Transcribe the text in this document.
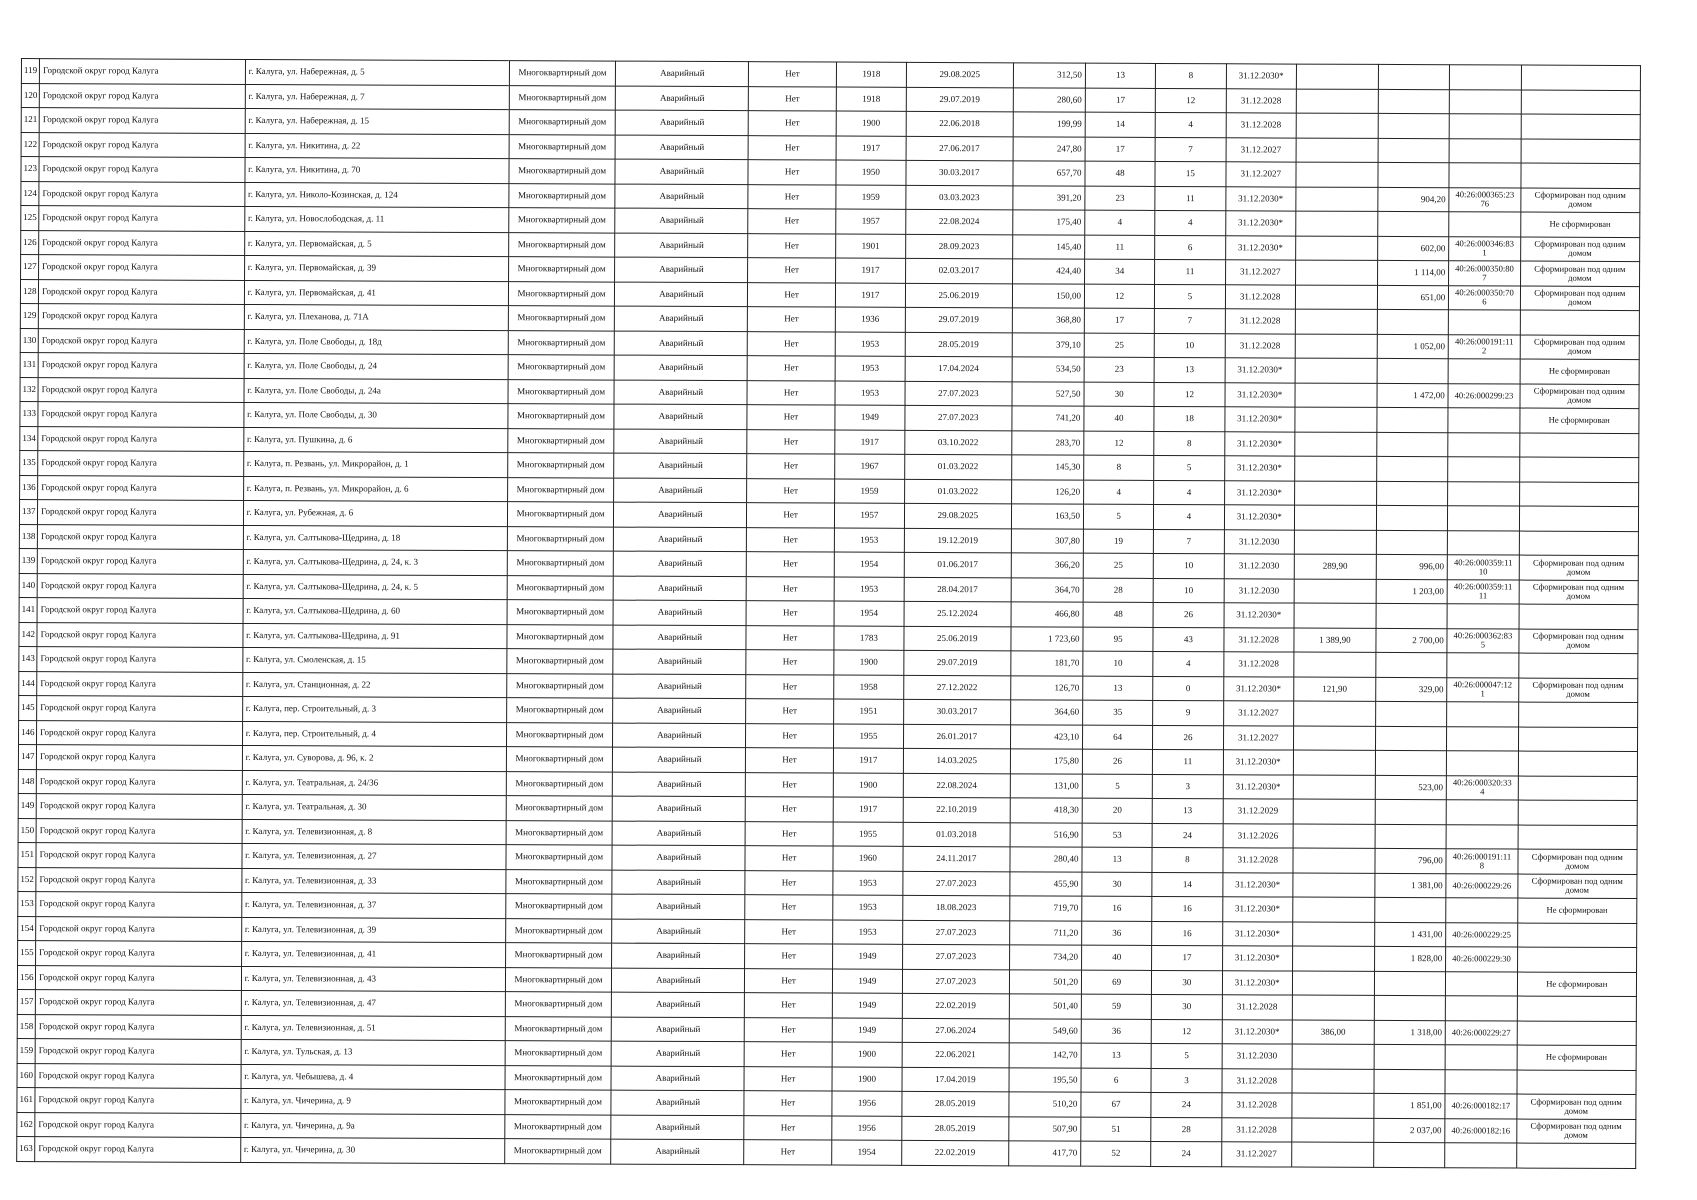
119	Городской округ город Калуга	г. Калуга, ул. Набережная, д. 5	Многоквартирный дом	Аварийный	Нет	1918	29.08.2025	312,50	13	8	31.12.2030*				
120	Городской округ город Калуга	г. Калуга, ул. Набережная, д. 7	Многоквартирный дом	Аварийный	Нет	1918	29.07.2019	280,60	17	12	31.12.2028				
121	Городской округ город Калуга	г. Калуга, ул. Набережная, д. 15	Многоквартирный дом	Аварийный	Нет	1900	22.06.2018	199,99	14	4	31.12.2028				
122	Городской округ город Калуга	г. Калуга, ул. Никитина, д. 22	Многоквартирный дом	Аварийный	Нет	1917	27.06.2017	247,80	17	7	31.12.2027				
123	Городской округ город Калуга	г. Калуга, ул. Никитина, д. 70	Многоквартирный дом	Аварийный	Нет	1950	30.03.2017	657,70	48	15	31.12.2027				
124	Городской округ город Калуга	г. Калуга, ул. Николо-Козинская, д. 124	Многоквартирный дом	Аварийный	Нет	1959	03.03.2023	391,20	23	11	31.12.2030*		904,20	40:26:000365:23 76	Сформирован под одним домом
125	Городской округ город Калуга	г. Калуга, ул. Новослободская, д. 11	Многоквартирный дом	Аварийный	Нет	1957	22.08.2024	175,40	4	4	31.12.2030*				Не сформирован
126	Городской округ город Калуга	г. Калуга, ул. Первомайская, д. 5	Многоквартирный дом	Аварийный	Нет	1901	28.09.2023	145,40	11	6	31.12.2030*		602,00	40:26:000346:83 1	Сформирован под одним домом
127	Городской округ город Калуга	г. Калуга, ул. Первомайская, д. 39	Многоквартирный дом	Аварийный	Нет	1917	02.03.2017	424,40	34	11	31.12.2027		1 114,00	40:26:000350:80 7	Сформирован под одним домом
128	Городской округ город Калуга	г. Калуга, ул. Первомайская, д. 41	Многоквартирный дом	Аварийный	Нет	1917	25.06.2019	150,00	12	5	31.12.2028		651,00	40:26:000350:70 6	Сформирован под одним домом
129	Городской округ город Калуга	г. Калуга, ул. Плеханова, д. 71А	Многоквартирный дом	Аварийный	Нет	1936	29.07.2019	368,80	17	7	31.12.2028				
130	Городской округ город Калуга	г. Калуга, ул. Поле Свободы, д. 18д	Многоквартирный дом	Аварийный	Нет	1953	28.05.2019	379,10	25	10	31.12.2028		1 052,00	40:26:000191:11 2	Сформирован под одним домом
131	Городской округ город Калуга	г. Калуга, ул. Поле Свободы, д. 24	Многоквартирный дом	Аварийный	Нет	1953	17.04.2024	534,50	23	13	31.12.2030*				Не сформирован
132	Городской округ город Калуга	г. Калуга, ул. Поле Свободы, д. 24а	Многоквартирный дом	Аварийный	Нет	1953	27.07.2023	527,50	30	12	31.12.2030*		1 472,00	40:26:000299:23	Сформирован под одним домом
133	Городской округ город Калуга	г. Калуга, ул. Поле Свободы, д. 30	Многоквартирный дом	Аварийный	Нет	1949	27.07.2023	741,20	40	18	31.12.2030*				Не сформирован
134	Городской округ город Калуга	г. Калуга, ул. Пушкина, д. 6	Многоквартирный дом	Аварийный	Нет	1917	03.10.2022	283,70	12	8	31.12.2030*				
135	Городской округ город Калуга	г. Калуга, п. Резвань, ул. Микрорайон, д. 1	Многоквартирный дом	Аварийный	Нет	1967	01.03.2022	145,30	8	5	31.12.2030*				
136	Городской округ город Калуга	г. Калуга, п. Резвань, ул. Микрорайон, д. 6	Многоквартирный дом	Аварийный	Нет	1959	01.03.2022	126,20	4	4	31.12.2030*				
137	Городской округ город Калуга	г. Калуга, ул. Рубежная, д. 6	Многоквартирный дом	Аварийный	Нет	1957	29.08.2025	163,50	5	4	31.12.2030*				
138	Городской округ город Калуга	г. Калуга, ул. Салтыкова-Щедрина, д. 18	Многоквартирный дом	Аварийный	Нет	1953	19.12.2019	307,80	19	7	31.12.2030				
139	Городской округ город Калуга	г. Калуга, ул. Салтыкова-Щедрина, д. 24, к. 3	Многоквартирный дом	Аварийный	Нет	1954	01.06.2017	366,20	25	10	31.12.2030	289,90	996,00	40:26:000359:11 10	Сформирован под одним домом
140	Городской округ город Калуга	г. Калуга, ул. Салтыкова-Щедрина, д. 24, к. 5	Многоквартирный дом	Аварийный	Нет	1953	28.04.2017	364,70	28	10	31.12.2030		1 203,00	40:26:000359:11 11	Сформирован под одним домом
141	Городской округ город Калуга	г. Калуга, ул. Салтыкова-Щедрина, д. 60	Многоквартирный дом	Аварийный	Нет	1954	25.12.2024	466,80	48	26	31.12.2030*				
142	Городской округ город Калуга	г. Калуга, ул. Салтыкова-Щедрина, д. 91	Многоквартирный дом	Аварийный	Нет	1783	25.06.2019	1 723,60	95	43	31.12.2028	1 389,90	2 700,00	40:26:000362:83 5	Сформирован под одним домом
143	Городской округ город Калуга	г. Калуга, ул. Смоленская, д. 15	Многоквартирный дом	Аварийный	Нет	1900	29.07.2019	181,70	10	4	31.12.2028				
144	Городской округ город Калуга	г. Калуга, ул. Станционная, д. 22	Многоквартирный дом	Аварийный	Нет	1958	27.12.2022	126,70	13	0	31.12.2030*	121,90	329,00	40:26:000047:12 1	Сформирован под одним домом
145	Городской округ город Калуга	г. Калуга, пер. Строительный, д. 3	Многоквартирный дом	Аварийный	Нет	1951	30.03.2017	364,60	35	9	31.12.2027				
146	Городской округ город Калуга	г. Калуга, пер. Строительный, д. 4	Многоквартирный дом	Аварийный	Нет	1955	26.01.2017	423,10	64	26	31.12.2027				
147	Городской округ город Калуга	г. Калуга, ул. Суворова, д. 96, к. 2	Многоквартирный дом	Аварийный	Нет	1917	14.03.2025	175,80	26	11	31.12.2030*				
148	Городской округ город Калуга	г. Калуга, ул. Театральная, д. 24/36	Многоквартирный дом	Аварийный	Нет	1900	22.08.2024	131,00	5	3	31.12.2030*		523,00	40:26:000320:33 4	
149	Городской округ город Калуга	г. Калуга, ул. Театральная, д. 30	Многоквартирный дом	Аварийный	Нет	1917	22.10.2019	418,30	20	13	31.12.2029				
150	Городской округ город Калуга	г. Калуга, ул. Телевизионная, д. 8	Многоквартирный дом	Аварийный	Нет	1955	01.03.2018	516,90	53	24	31.12.2026				
151	Городской округ город Калуга	г. Калуга, ул. Телевизионная, д. 27	Многоквартирный дом	Аварийный	Нет	1960	24.11.2017	280,40	13	8	31.12.2028		796,00	40:26:000191:11 8	Сформирован под одним домом
152	Городской округ город Калуга	г. Калуга, ул. Телевизионная, д. 33	Многоквартирный дом	Аварийный	Нет	1953	27.07.2023	455,90	30	14	31.12.2030*		1 381,00	40:26:000229:26	Сформирован под одним домом
153	Городской округ город Калуга	г. Калуга, ул. Телевизионная, д. 37	Многоквартирный дом	Аварийный	Нет	1953	18.08.2023	719,70	16	16	31.12.2030*				Не сформирован
154	Городской округ город Калуга	г. Калуга, ул. Телевизионная, д. 39	Многоквартирный дом	Аварийный	Нет	1953	27.07.2023	711,20	36	16	31.12.2030*		1 431,00	40:26:000229:25	
155	Городской округ город Калуга	г. Калуга, ул. Телевизионная, д. 41	Многоквартирный дом	Аварийный	Нет	1949	27.07.2023	734,20	40	17	31.12.2030*		1 828,00	40:26:000229:30	
156	Городской округ город Калуга	г. Калуга, ул. Телевизионная, д. 43	Многоквартирный дом	Аварийный	Нет	1949	27.07.2023	501,20	69	30	31.12.2030*				Не сформирован
157	Городской округ город Калуга	г. Калуга, ул. Телевизионная, д. 47	Многоквартирный дом	Аварийный	Нет	1949	22.02.2019	501,40	59	30	31.12.2028				
158	Городской округ город Калуга	г. Калуга, ул. Телевизионная, д. 51	Многоквартирный дом	Аварийный	Нет	1949	27.06.2024	549,60	36	12	31.12.2030*	386,00	1 318,00	40:26:000229:27	
159	Городской округ город Калуга	г. Калуга, ул. Тульская, д. 13	Многоквартирный дом	Аварийный	Нет	1900	22.06.2021	142,70	13	5	31.12.2030				Не сформирован
160	Городской округ город Калуга	г. Калуга, ул. Чебышева, д. 4	Многоквартирный дом	Аварийный	Нет	1900	17.04.2019	195,50	6	3	31.12.2028				
161	Городской округ город Калуга	г. Калуга, ул. Чичерина, д. 9	Многоквартирный дом	Аварийный	Нет	1956	28.05.2019	510,20	67	24	31.12.2028		1 851,00	40:26:000182:17	Сформирован под одним домом
162	Городской округ город Калуга	г. Калуга, ул. Чичерина, д. 9а	Многоквартирный дом	Аварийный	Нет	1956	28.05.2019	507,90	51	28	31.12.2028		2 037,00	40:26:000182:16	Сформирован под одним домом
163	Городской округ город Калуга	г. Калуга, ул. Чичерина, д. 30	Многоквартирный дом	Аварийный	Нет	1954	22.02.2019	417,70	52	24	31.12.2027				
